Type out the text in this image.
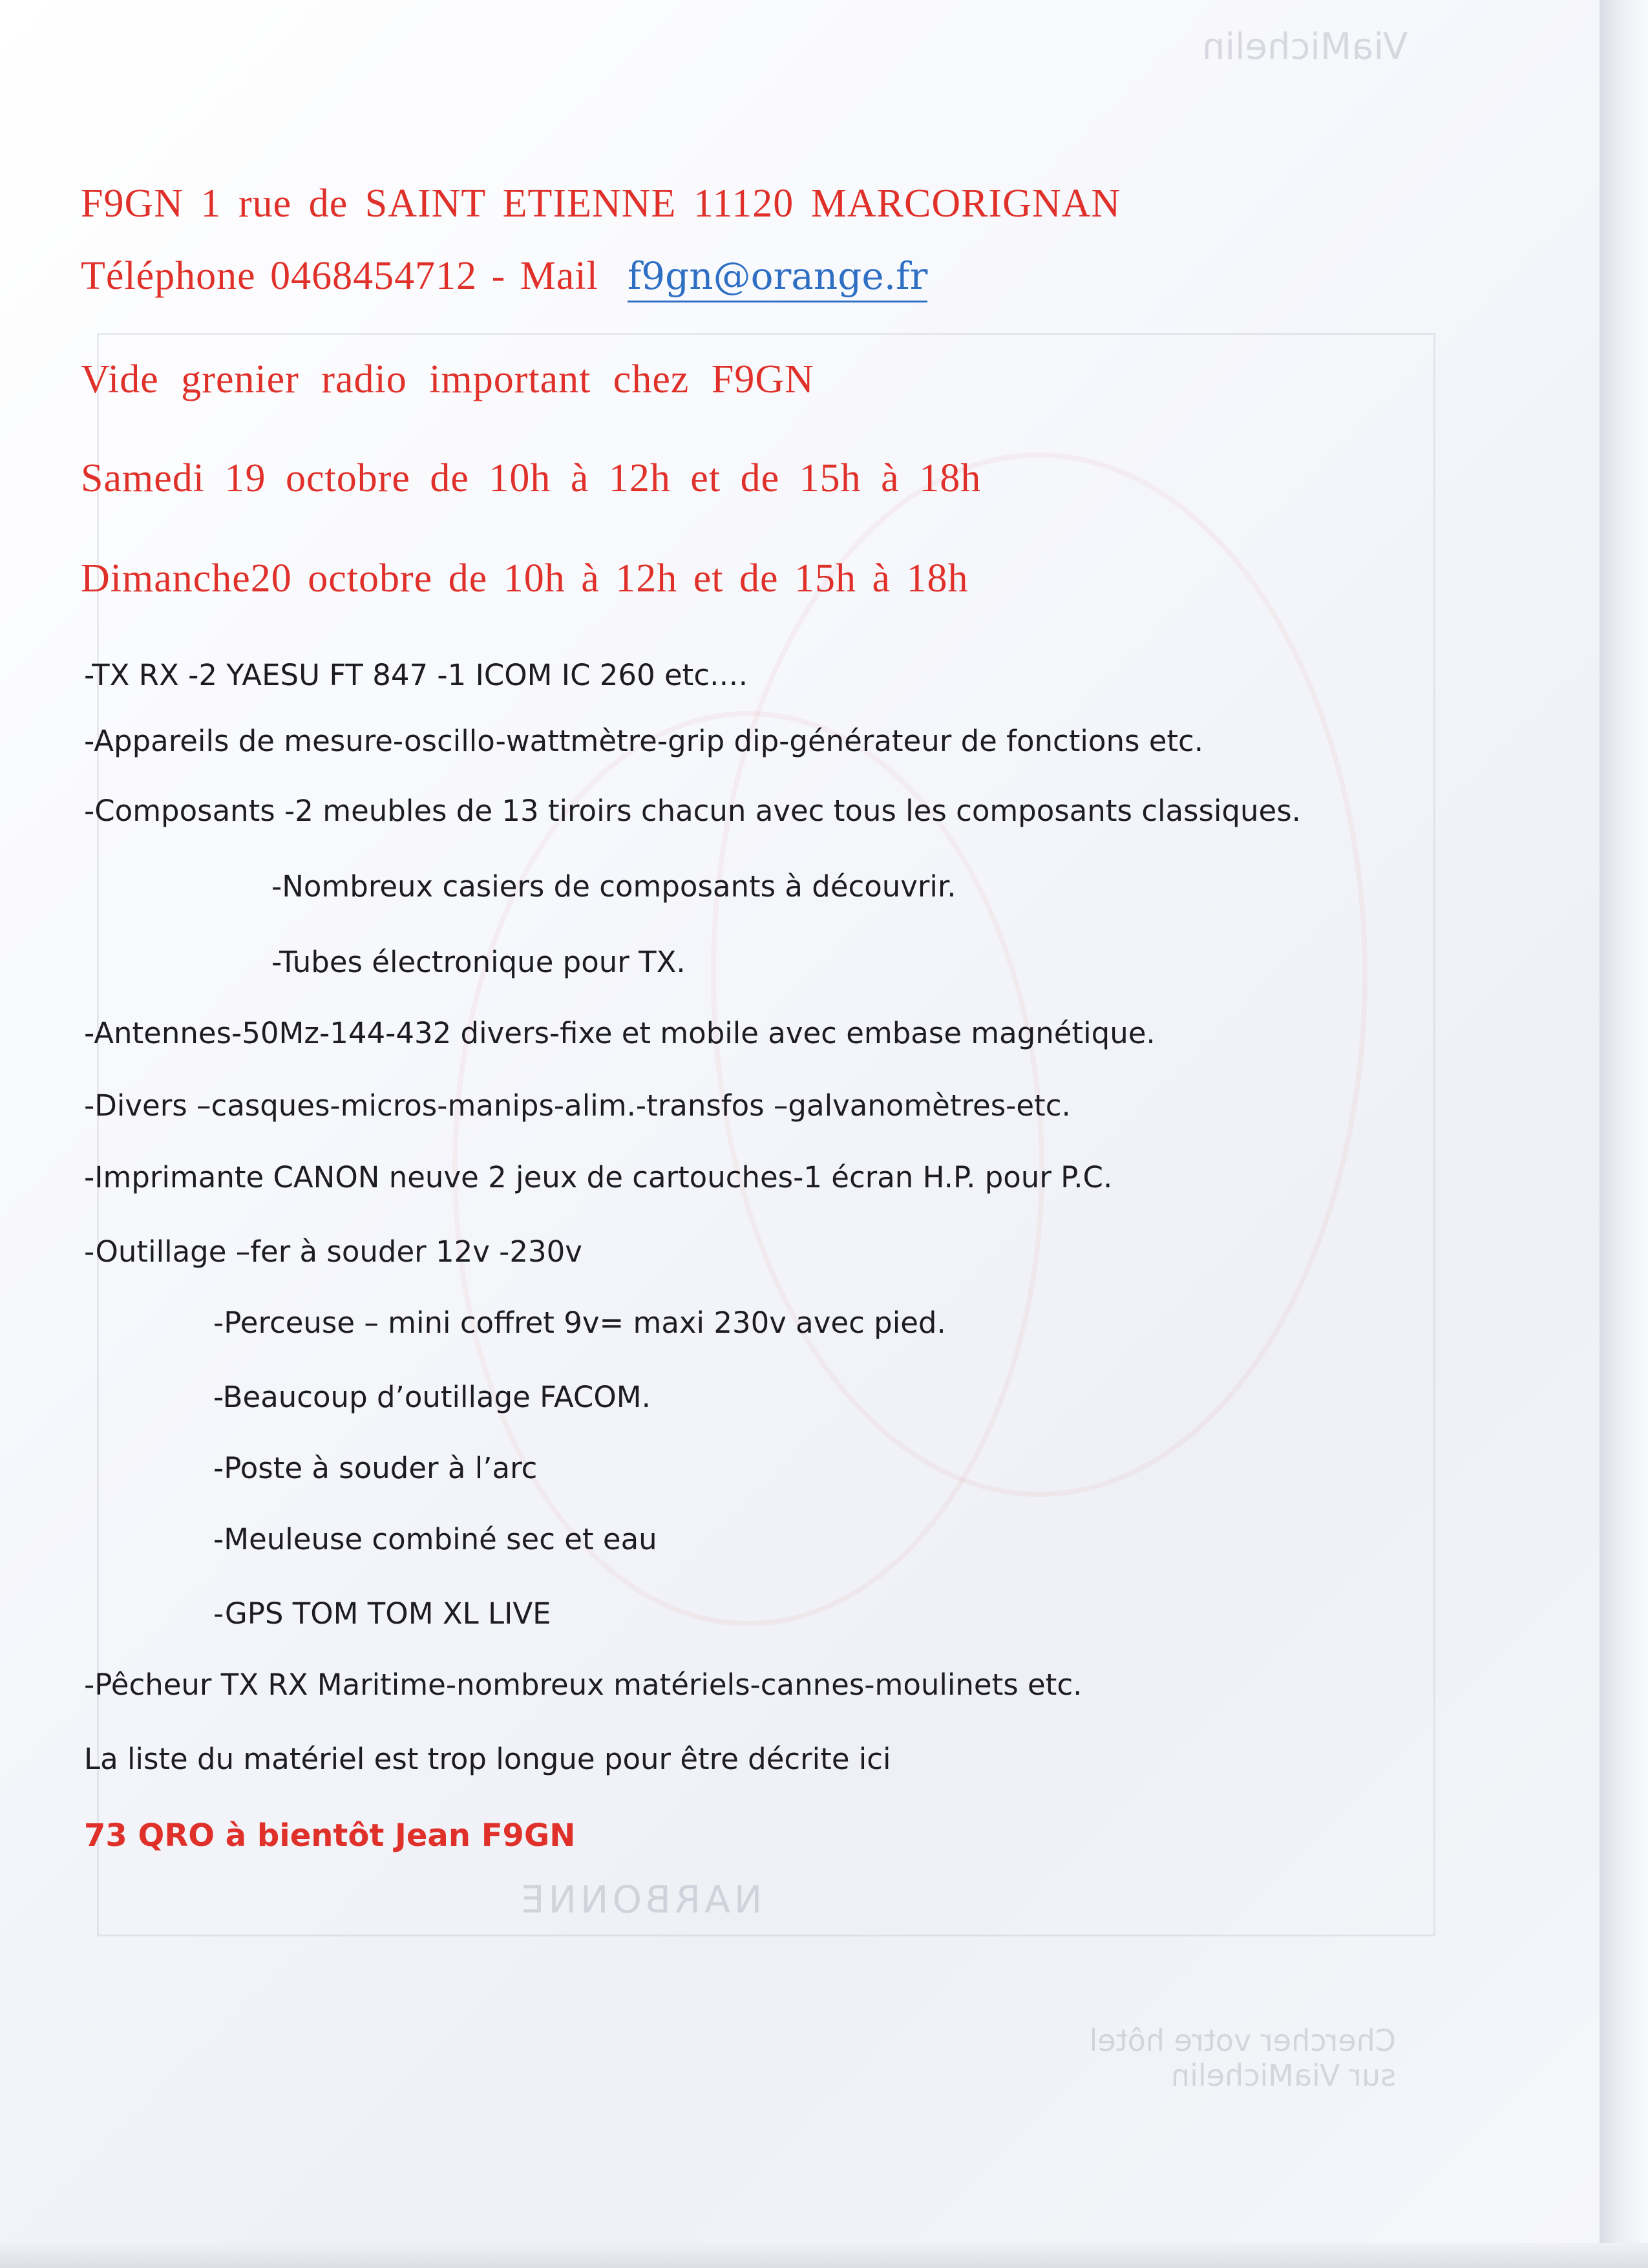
ViaMichelin
NARBONNE
Chercher votre hôtel sur ViaMichelin
F9GN 1 rue de SAINT ETIENNE 11120 MARCORIGNAN
Téléphone 0468454712 - Mail f9gn@orange.fr
Vide grenier radio important chez F9GN
Samedi 19 octobre de 10h à 12h et de 15h à 18h
Dimanche20 octobre de 10h à 12h et de 15h à 18h
-TX RX -2 YAESU FT 847 -1 ICOM IC 260 etc.…
-Appareils de mesure-oscillo-wattmètre-grip dip-générateur de fonctions etc.
-Composants -2 meubles de 13 tiroirs chacun avec tous les composants classiques.
-Nombreux casiers de composants à découvrir.
-Tubes électronique pour TX.
-Antennes-50Mz-144-432 divers-fixe et mobile avec embase magnétique.
-Divers –casques-micros-manips-alim.-transfos –galvanomètres-etc.
-Imprimante CANON neuve 2 jeux de cartouches-1 écran H.P. pour P.C.
-Outillage –fer à souder 12v -230v
-Perceuse – mini coffret 9v= maxi 230v avec pied.
-Beaucoup d’outillage FACOM.
-Poste à souder à l’arc
-Meuleuse combiné sec et eau
-GPS TOM TOM XL LIVE
-Pêcheur TX RX Maritime-nombreux matériels-cannes-moulinets etc.
La liste du matériel est trop longue pour être décrite ici
73 QRO à bientôt Jean F9GN
